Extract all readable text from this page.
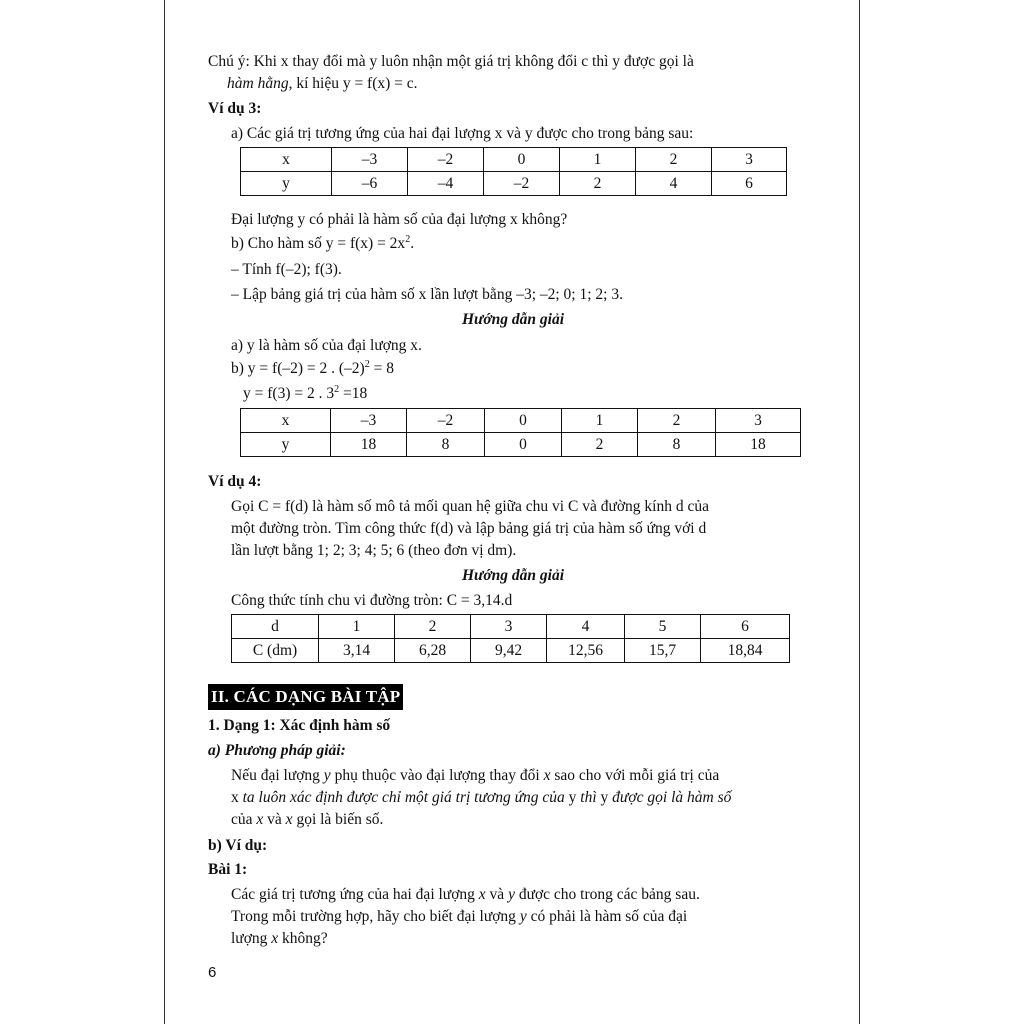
Chú ý: Khi x thay đổi mà y luôn nhận một giá trị không đổi c thì y được gọi là
hàm hằng, kí hiệu y = f(x) = c.
Ví dụ 3:
a) Các giá trị tương ứng của hai đại lượng x và y được cho trong bảng sau:
x	–3	–2	0	1	2	3
y	–6	–4	–2	2	4	6
Đại lượng y có phải là hàm số của đại lượng x không?
b) Cho hàm số $y = f(x) = 2x^2$.
– Tính f(–2); f(3).
– Lập bảng giá trị của hàm số x lần lượt bằng –3; –2; 0; 1; 2; 3.
Hướng dẫn giải
a) y là hàm số của đại lượng x.
b) y = f(–2) = 2 . $(-2)^2 = 8$
y = f(3) = 2 . $3^2 =18$
x	–3	–2	0	1	2	3
y	18	8	0	2	8	18
Ví dụ 4:
Gọi C = f(d) là hàm số mô tả mối quan hệ giữa chu vi C và đường kính d của
một đường tròn. Tìm công thức f(d) và lập bảng giá trị của hàm số ứng với d
lần lượt bằng 1; 2; 3; 4; 5; 6 (theo đơn vị dm).
Hướng dẫn giải
Công thức tính chu vi đường tròn: C = 3,14.d
d	1	2	3	4	5	6
C (dm)	3,14	6,28	9,42	12,56	15,7	18,84
II. CÁC DẠNG BÀI TẬP
1. Dạng 1: Xác định hàm số
a) Phương pháp giải:
Nếu đại lượng y phụ thuộc vào đại lượng thay đổi x sao cho với mỗi giá trị của
x ta luôn xác định được chỉ một giá trị tương ứng của y thì y được gọi là hàm số
của x và x gọi là biến số.
b) Ví dụ:
Bài 1:
Các giá trị tương ứng của hai đại lượng x và y được cho trong các bảng sau.
Trong mỗi trường hợp, hãy cho biết đại lượng y có phải là hàm số của đại
lượng x không?
6
